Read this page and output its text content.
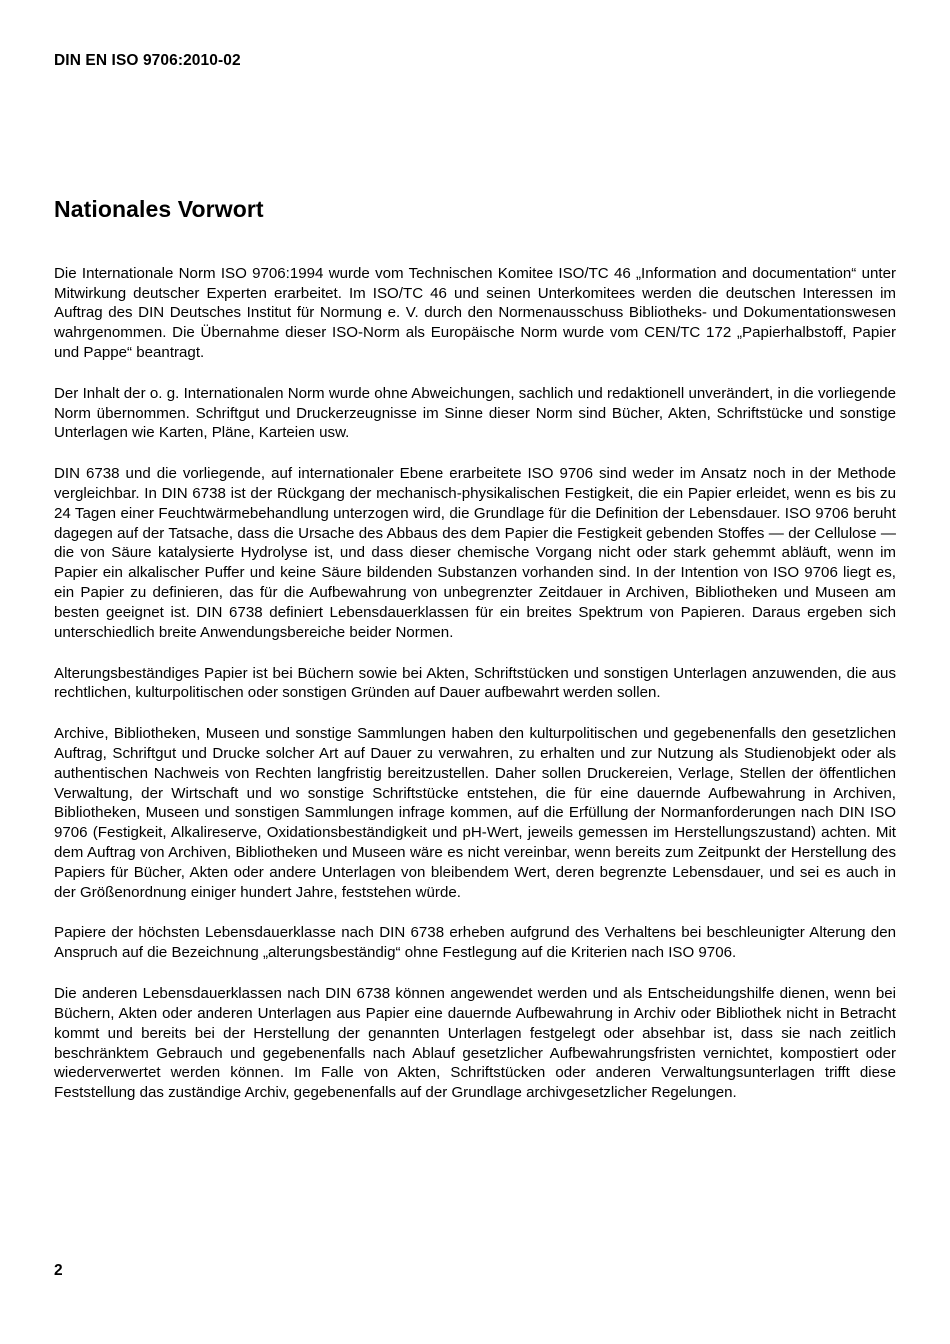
DIN EN ISO 9706:2010-02
Nationales Vorwort

Die Internationale Norm ISO 9706:1994 wurde vom Technischen Komitee ISO/TC 46 „Information and documentation“ unter Mitwirkung deutscher Experten erarbeitet. Im ISO/TC 46 und seinen Unterkomitees werden die deutschen Interessen im Auftrag des DIN Deutsches Institut für Normung e. V. durch den Normenausschuss Bibliotheks- und Dokumentationswesen wahrgenommen. Die Übernahme dieser ISO-Norm als Europäische Norm wurde vom CEN/TC 172 „Papierhalbstoff, Papier und Pappe“ beantragt.

Der Inhalt der o. g. Internationalen Norm wurde ohne Abweichungen, sachlich und redaktionell unverändert, in die vorliegende Norm übernommen. Schriftgut und Druckerzeugnisse im Sinne dieser Norm sind Bücher, Akten, Schriftstücke und sonstige Unterlagen wie Karten, Pläne, Karteien usw.

DIN 6738 und die vorliegende, auf internationaler Ebene erarbeitete ISO 9706 sind weder im Ansatz noch in der Methode vergleichbar. In DIN 6738 ist der Rückgang der mechanisch-physikalischen Festigkeit, die ein Papier erleidet, wenn es bis zu 24 Tagen einer Feuchtwärmebehandlung unterzogen wird, die Grundlage für die Definition der Lebensdauer. ISO 9706 beruht dagegen auf der Tatsache, dass die Ursache des Abbaus des dem Papier die Festigkeit gebenden Stoffes — der Cellulose — die von Säure katalysierte Hydrolyse ist, und dass dieser chemische Vorgang nicht oder stark gehemmt abläuft, wenn im Papier ein alkalischer Puffer und keine Säure bildenden Substanzen vorhanden sind. In der Intention von ISO 9706 liegt es, ein Papier zu definieren, das für die Aufbewahrung von unbegrenzter Zeitdauer in Archiven, Bibliotheken und Museen am besten geeignet ist. DIN 6738 definiert Lebensdauerklassen für ein breites Spektrum von Papieren. Daraus ergeben sich unterschiedlich breite Anwendungsbereiche beider Normen.

Alterungsbeständiges Papier ist bei Büchern sowie bei Akten, Schriftstücken und sonstigen Unterlagen anzuwenden, die aus rechtlichen, kulturpolitischen oder sonstigen Gründen auf Dauer aufbewahrt werden sollen.

Archive, Bibliotheken, Museen und sonstige Sammlungen haben den kulturpolitischen und gegebenenfalls den gesetzlichen Auftrag, Schriftgut und Drucke solcher Art auf Dauer zu verwahren, zu erhalten und zur Nutzung als Studienobjekt oder als authentischen Nachweis von Rechten langfristig bereitzustellen. Daher sollen Druckereien, Verlage, Stellen der öffentlichen Verwaltung, der Wirtschaft und wo sonstige Schriftstücke entstehen, die für eine dauernde Aufbewahrung in Archiven, Bibliotheken, Museen und sonstigen Sammlungen infrage kommen, auf die Erfüllung der Normanforderungen nach DIN ISO 9706 (Festigkeit, Alkalireserve, Oxidationsbeständigkeit und pH-Wert, jeweils gemessen im Herstellungszustand) achten. Mit dem Auftrag von Archiven, Bibliotheken und Museen wäre es nicht vereinbar, wenn bereits zum Zeitpunkt der Herstellung des Papiers für Bücher, Akten oder andere Unterlagen von bleibendem Wert, deren begrenzte Lebensdauer, und sei es auch in der Größenordnung einiger hundert Jahre, feststehen würde.

Papiere der höchsten Lebensdauerklasse nach DIN 6738 erheben aufgrund des Verhaltens bei beschleunigter Alterung den Anspruch auf die Bezeichnung „alterungsbeständig“ ohne Festlegung auf die Kriterien nach ISO 9706.

Die anderen Lebensdauerklassen nach DIN 6738 können angewendet werden und als Entscheidungshilfe dienen, wenn bei Büchern, Akten oder anderen Unterlagen aus Papier eine dauernde Aufbewahrung in Archiv oder Bibliothek nicht in Betracht kommt und bereits bei der Herstellung der genannten Unterlagen festgelegt oder absehbar ist, dass sie nach zeitlich beschränktem Gebrauch und gegebenenfalls nach Ablauf gesetzlicher Aufbewahrungsfristen vernichtet, kompostiert oder wiederverwertet werden können. Im Falle von Akten, Schriftstücken oder anderen Verwaltungsunterlagen trifft diese Feststellung das zuständige Archiv, gegebenenfalls auf der Grundlage archivgesetzlicher Regelungen.

2
